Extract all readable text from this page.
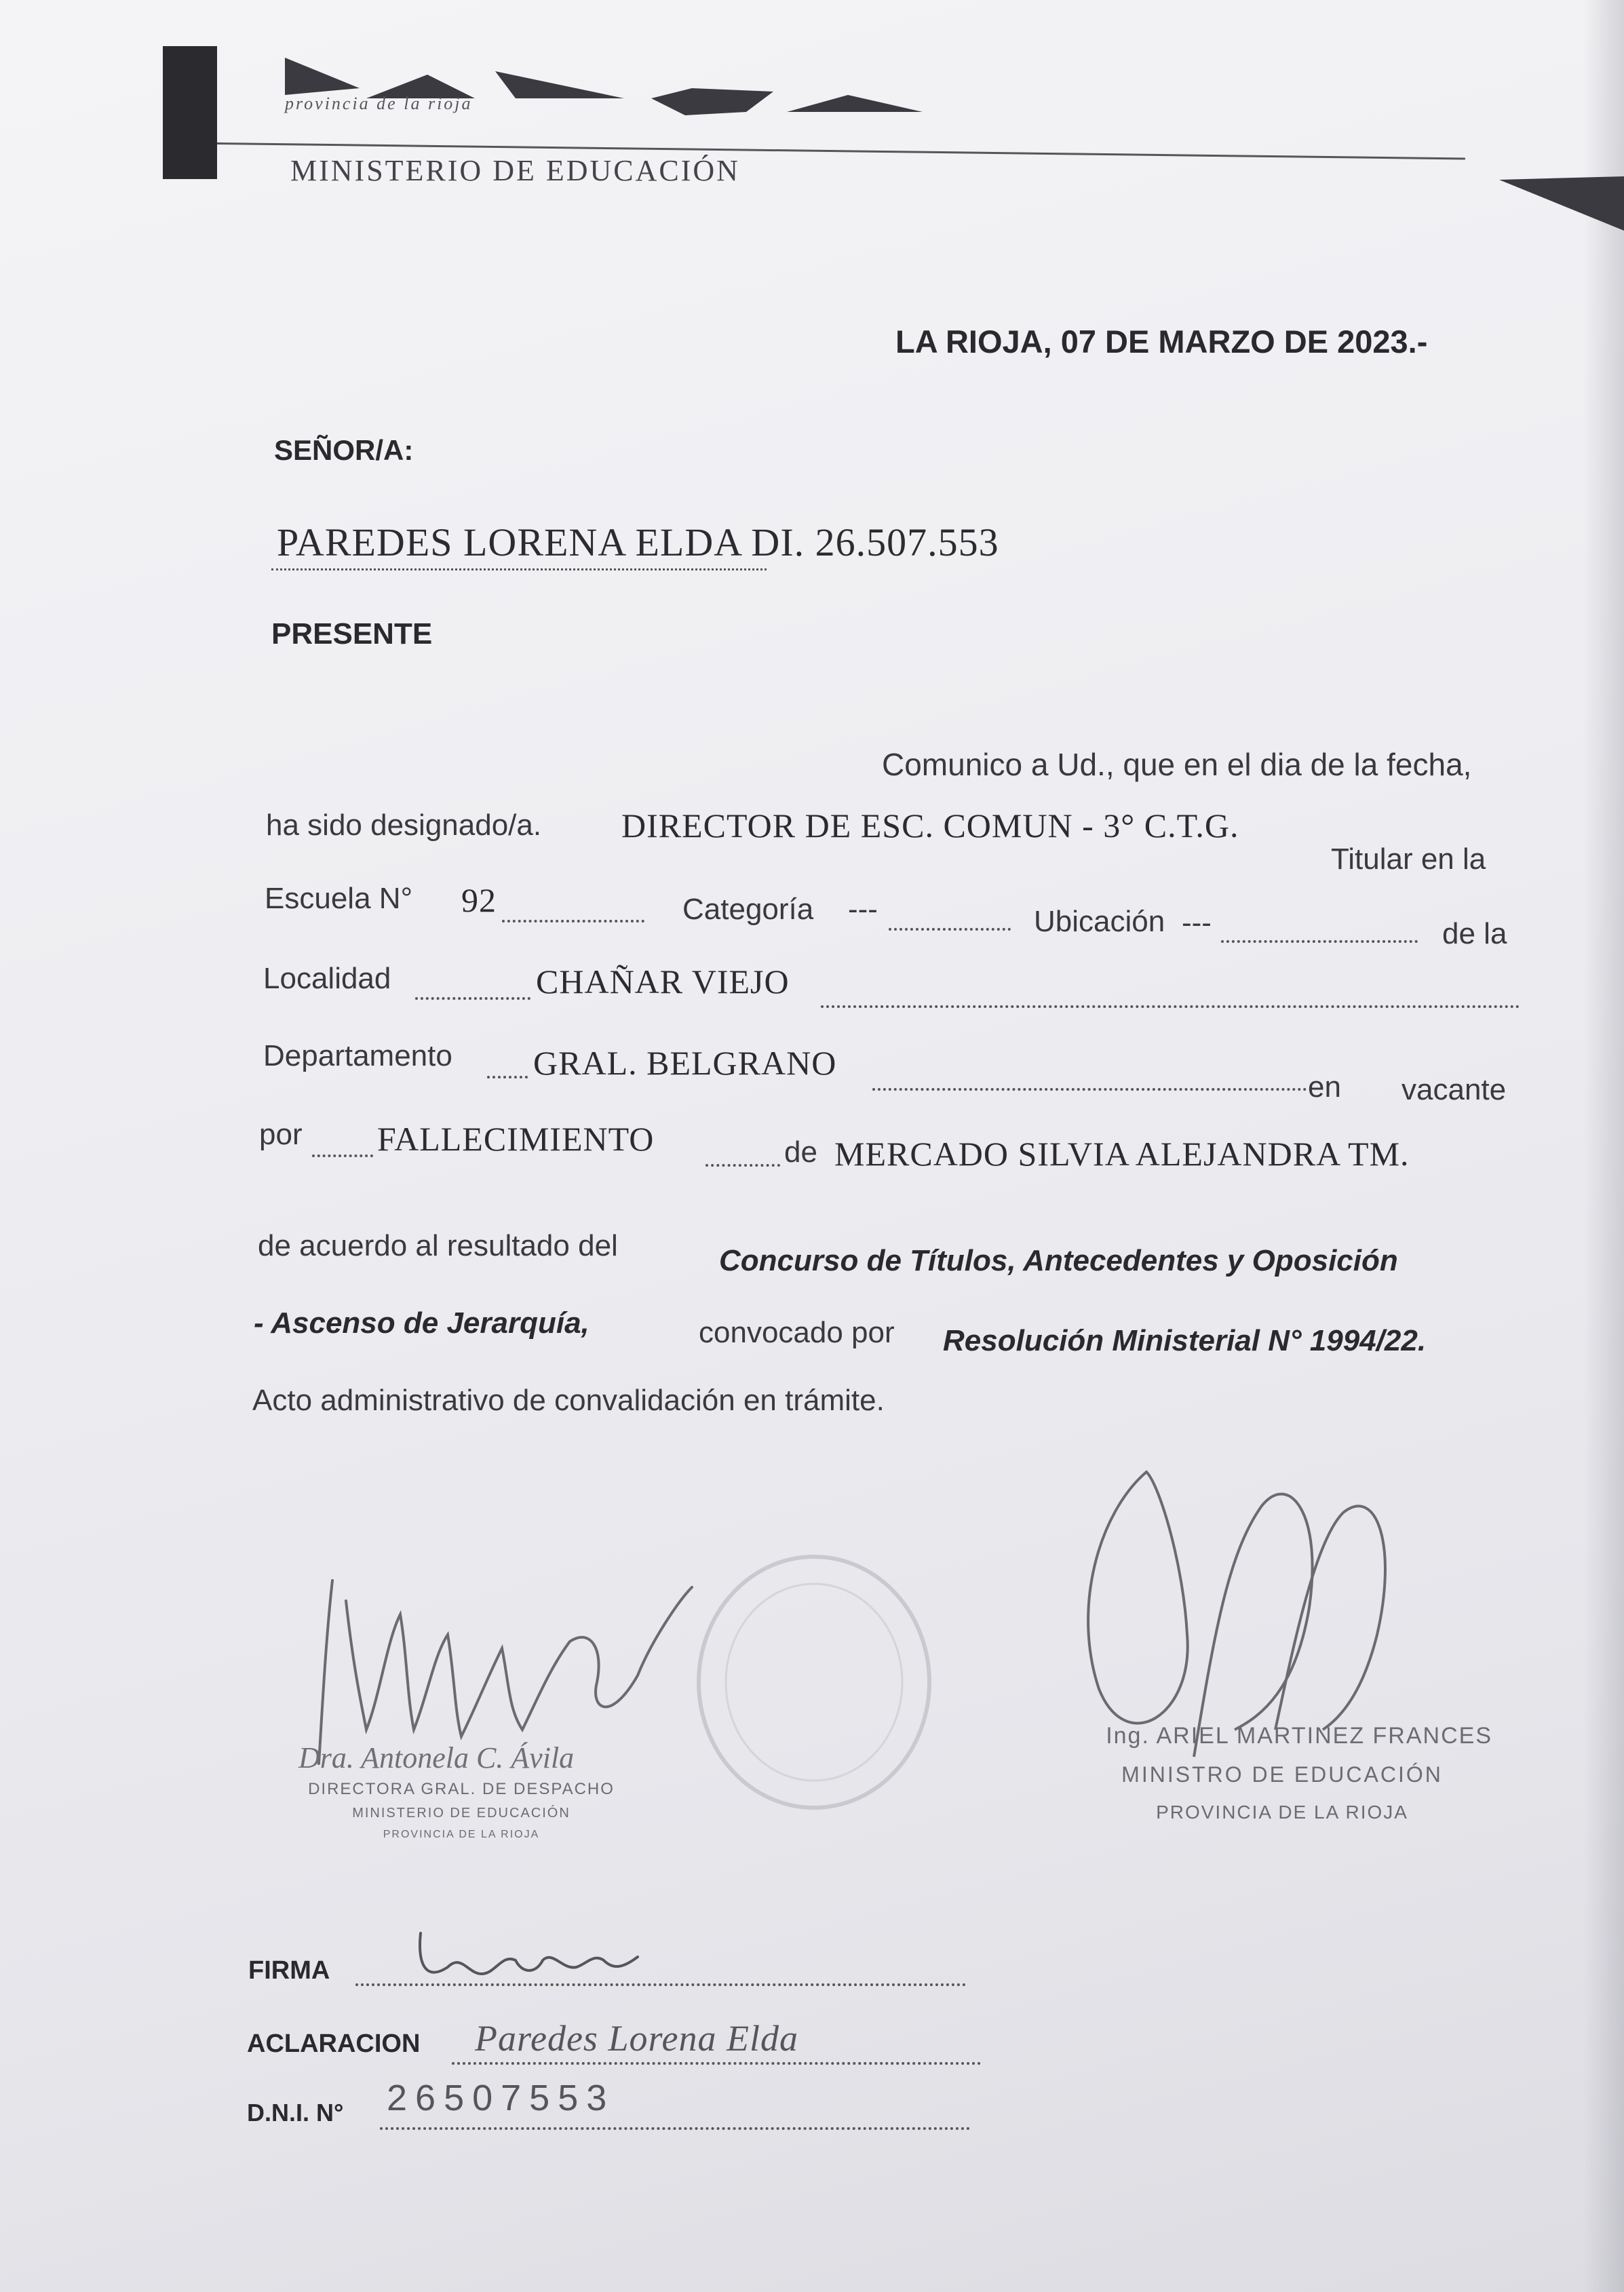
provincia de la rioja
MINISTERIO DE EDUCACIÓN
LA RIOJA, 07 DE MARZO DE 2023.-
SEÑOR/A:
PAREDES LORENA ELDA DI. 26.507.553
PRESENTE
Comunico a Ud., que en el dia de la fecha,
ha sido designado/a. DIRECTOR DE ESC. COMUN - 3° C.T.G.
Titular en la
Escuela N° 92	Categoría ---	Ubicación ---	de la
Localidad	CHAÑAR VIEJO
Departamento GRAL. BELGRANO
en vacante
por FALLECIMIENTO	de MERCADO SILVIA ALEJANDRA TM.
de acuerdo al resultado del	Concurso de Títulos, Antecedentes y Oposición
- Ascenso de Jerarquía,	convocado por Resolución Ministerial N° 1994/22.
Acto administrativo de convalidación en trámite.
Dra. Antonela C. Ávila
DIRECTORA GRAL. DE DESPACHO
MINISTERIO DE EDUCACIÓN
PROVINCIA DE LA RIOJA
Ing. ARIEL MARTINEZ FRANCES
MINISTRO DE EDUCACIÓN
PROVINCIA DE LA RIOJA
FIRMA
ACLARACION Paredes Lorena Elda
D.N.I. N° 26507553
